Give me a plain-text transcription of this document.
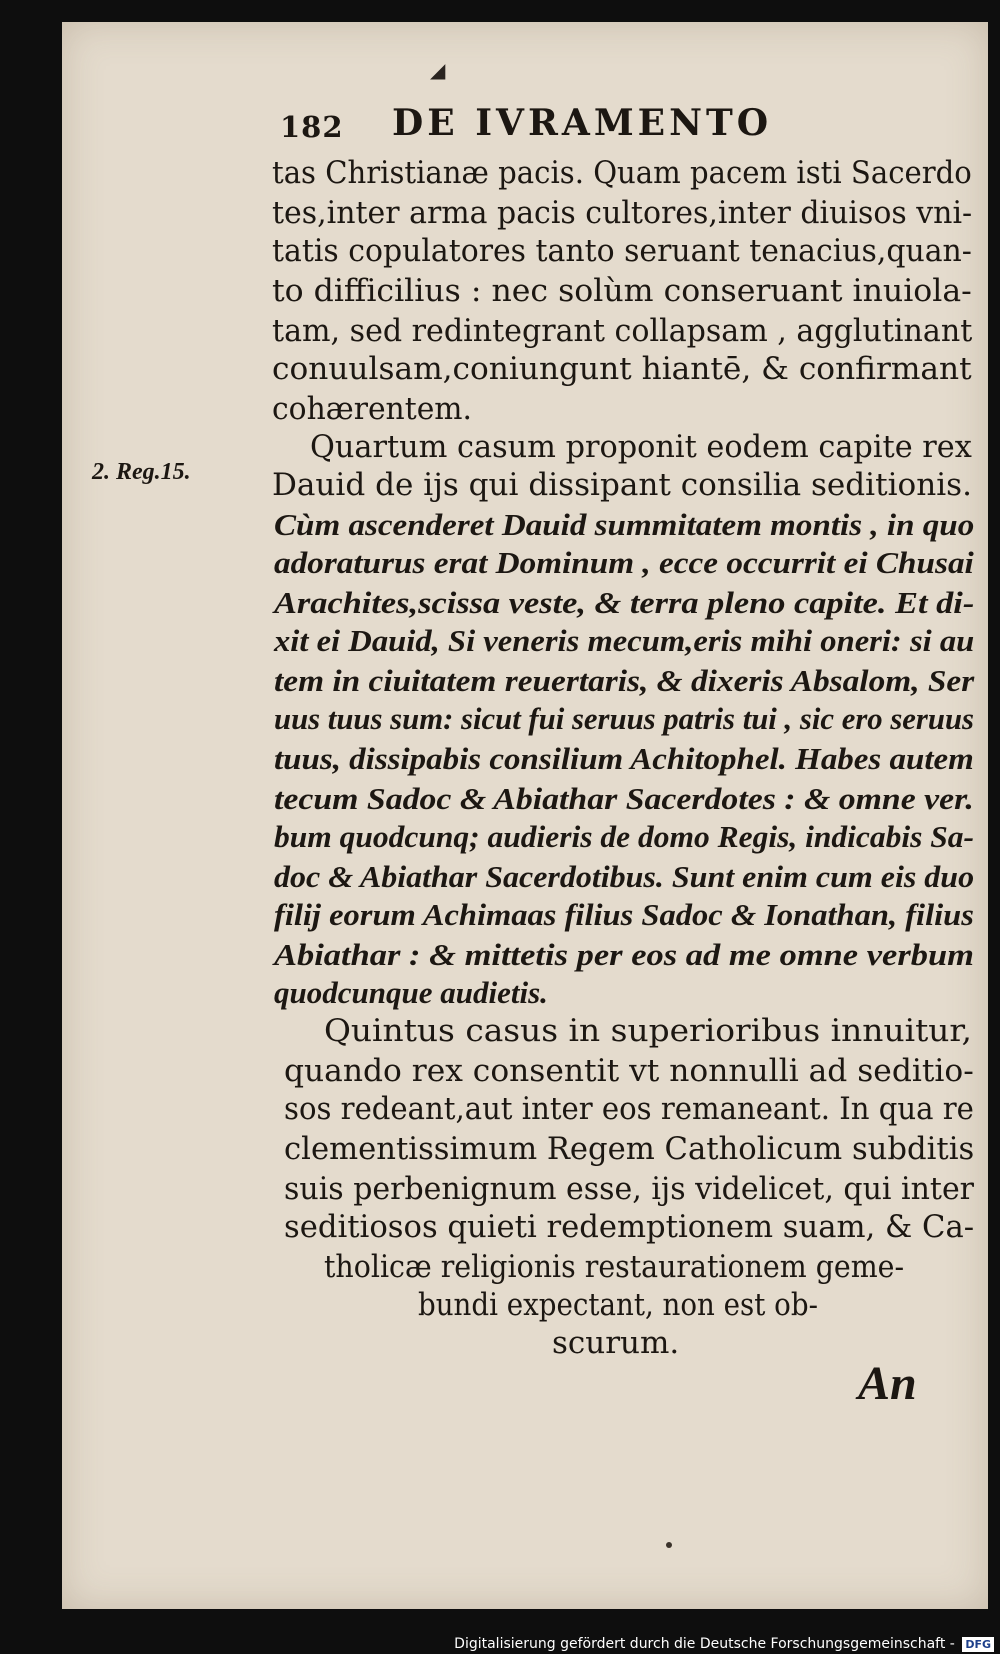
◢
182 DE IVRAMENTO
2. Reg.15.
tas Christianæ pacis. Quam pacem isti Sacerdo
tes,inter arma pacis cultores,inter diuisos vni-
tatis copulatores tanto seruant tenacius,quan-
to difficilius : nec solùm conseruant inuiola-
tam, sed redintegrant collapsam , agglutinant
conuulsam,coniungunt hiantē, & confirmant
cohærentem.
Quartum casum proponit eodem capite rex
Dauid de ijs qui dissipant consilia seditionis.
Cùm ascenderet Dauid summitatem montis , in quo
adoraturus erat Dominum , ecce occurrit ei Chusai
Arachites,scissa veste, & terra pleno capite. Et di-
xit ei Dauid, Si veneris mecum,eris mihi oneri: si au
tem in ciuitatem reuertaris, & dixeris Absalom, Ser
uus tuus sum: sicut fui seruus patris tui , sic ero seruus
tuus, dissipabis consilium Achitophel. Habes autem
tecum Sadoc & Abiathar Sacerdotes : & omne ver.
bum quodcunq; audieris de domo Regis, indicabis Sa-
doc & Abiathar Sacerdotibus. Sunt enim cum eis duo
filij eorum Achimaas filius Sadoc & Ionathan, filius
Abiathar : & mittetis per eos ad me omne verbum
quodcunque audietis.
Quintus casus in superioribus innuitur,
quando rex consentit vt nonnulli ad seditio-
sos redeant,aut inter eos remaneant. In qua re
clementissimum Regem Catholicum subditis
suis perbenignum esse, ijs videlicet, qui inter
seditiosos quieti redemptionem suam, & Ca-
tholicæ religionis restaurationem geme-
bundi expectant, non est ob-
scurum.
An
Digitalisierung gefördert durch die Deutsche Forschungsgemeinschaft - DFG
